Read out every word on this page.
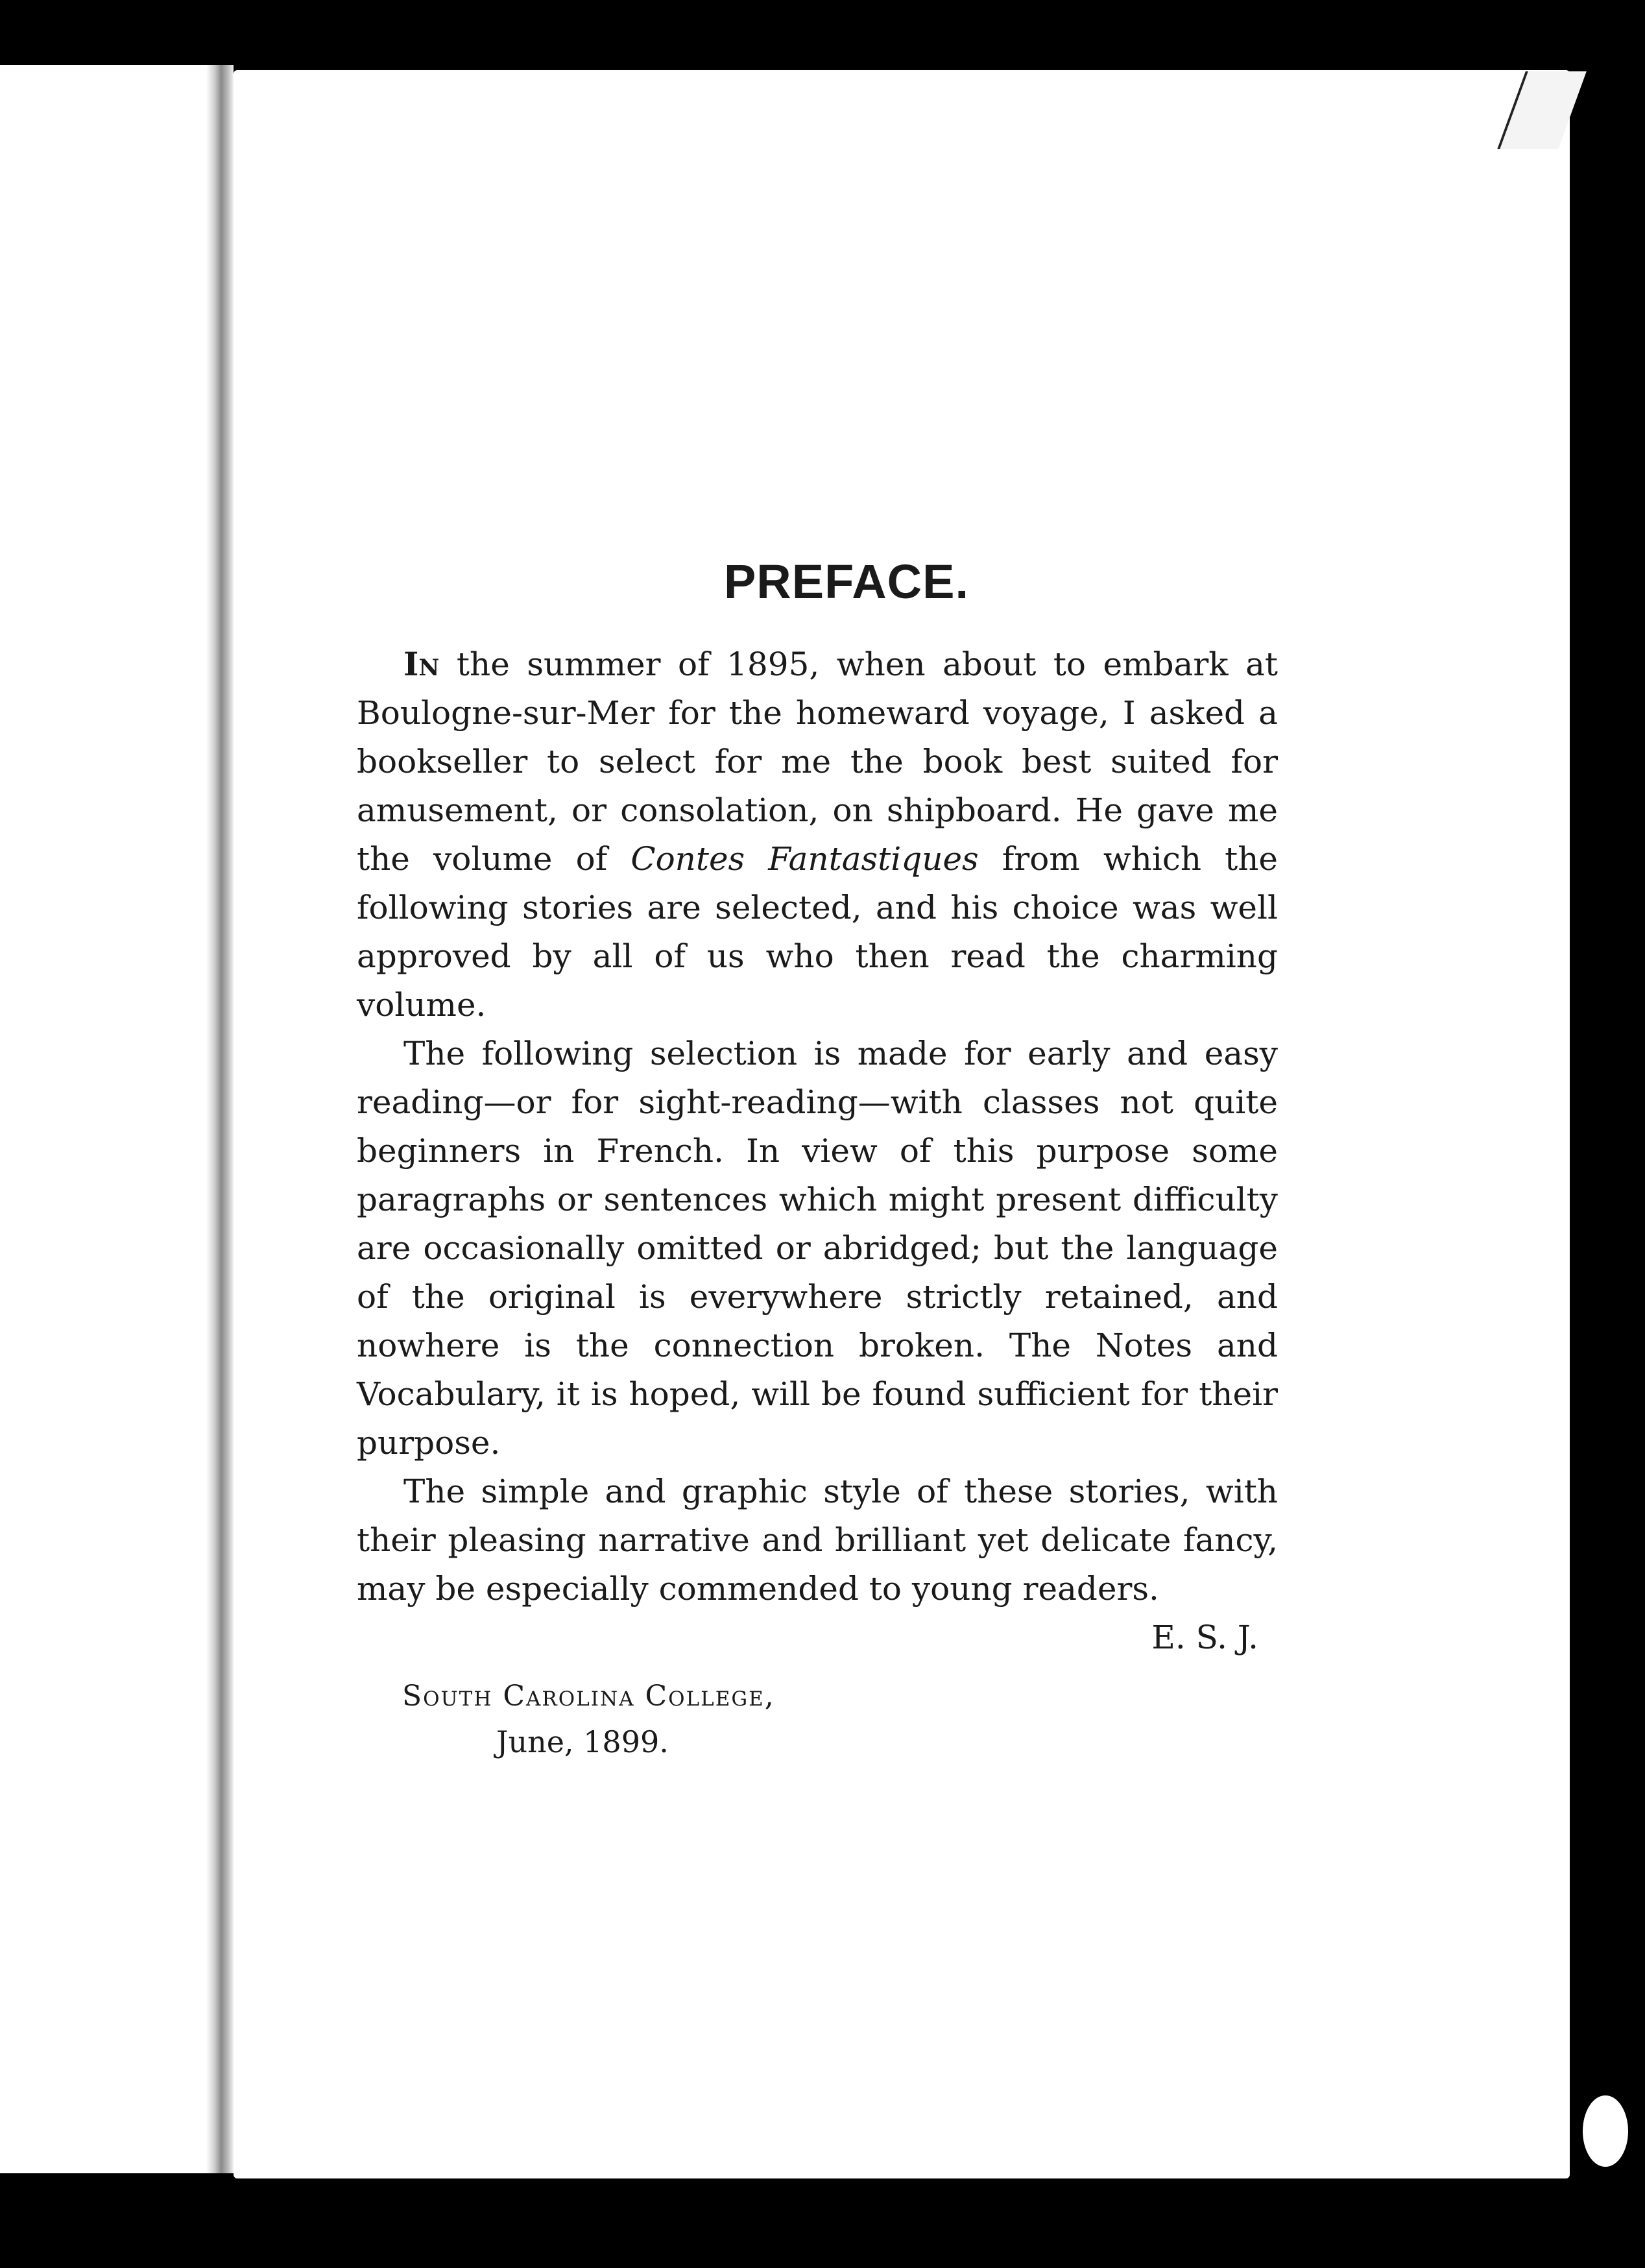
PREFACE.

In the summer of 1895, when about to embark at Boulogne-sur-Mer for the homeward voyage, I asked a bookseller to select for me the book best suited for amusement, or consolation, on shipboard. He gave me the volume of Contes Fantastiques from which the following stories are selected, and his choice was well approved by all of us who then read the charming volume.

The following selection is made for early and easy reading—or for sight-reading—with classes not quite beginners in French. In view of this purpose some paragraphs or sentences which might present difficulty are occasionally omitted or abridged; but the language of the original is everywhere strictly retained, and nowhere is the connection broken. The Notes and Vocabulary, it is hoped, will be found sufficient for their purpose.

The simple and graphic style of these stories, with their pleasing narrative and brilliant yet delicate fancy, may be especially commended to young readers.

E. S. J.

South Carolina College,
June, 1899.
